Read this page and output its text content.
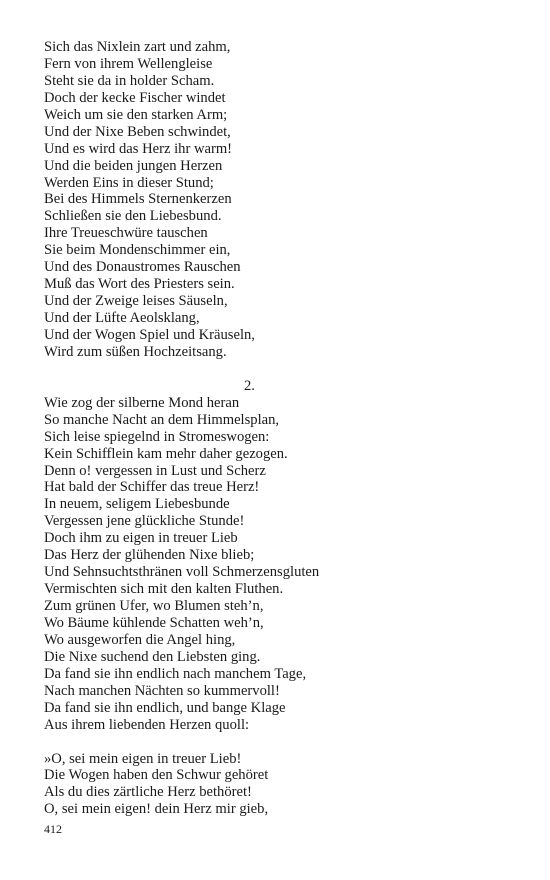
Sich das Nixlein zart und zahm,
Fern von ihrem Wellengleise
Steht sie da in holder Scham.
Doch der kecke Fischer windet
Weich um sie den starken Arm;
Und der Nixe Beben schwindet,
Und es wird das Herz ihr warm!
Und die beiden jungen Herzen
Werden Eins in dieser Stund;
Bei des Himmels Sternenkerzen
Schließen sie den Liebesbund.
Ihre Treueschwüre tauschen
Sie beim Mondenschimmer ein,
Und des Donaustromes Rauschen
Muß das Wort des Priesters sein.
Und der Zweige leises Säuseln,
Und der Lüfte Aeolsklang,
Und der Wogen Spiel und Kräuseln,
Wird zum süßen Hochzeitsang.
2.
Wie zog der silberne Mond heran
So manche Nacht an dem Himmelsplan,
Sich leise spiegelnd in Stromeswogen:
Kein Schifflein kam mehr daher gezogen.
Denn o! vergessen in Lust und Scherz
Hat bald der Schiffer das treue Herz!
In neuem, seligem Liebesbunde
Vergessen jene glückliche Stunde!
Doch ihm zu eigen in treuer Lieb
Das Herz der glühenden Nixe blieb;
Und Sehnsuchtsthränen voll Schmerzensgluten
Vermischten sich mit den kalten Fluthen.
Zum grünen Ufer, wo Blumen steh’n,
Wo Bäume kühlende Schatten weh’n,
Wo ausgeworfen die Angel hing,
Die Nixe suchend den Liebsten ging.
Da fand sie ihn endlich nach manchem Tage,
Nach manchen Nächten so kummervoll!
Da fand sie ihn endlich, und bange Klage
Aus ihrem liebenden Herzen quoll:
»O, sei mein eigen in treuer Lieb!
Die Wogen haben den Schwur gehöret
Als du dies zärtliche Herz bethöret!
O, sei mein eigen! dein Herz mir gieb,
412
